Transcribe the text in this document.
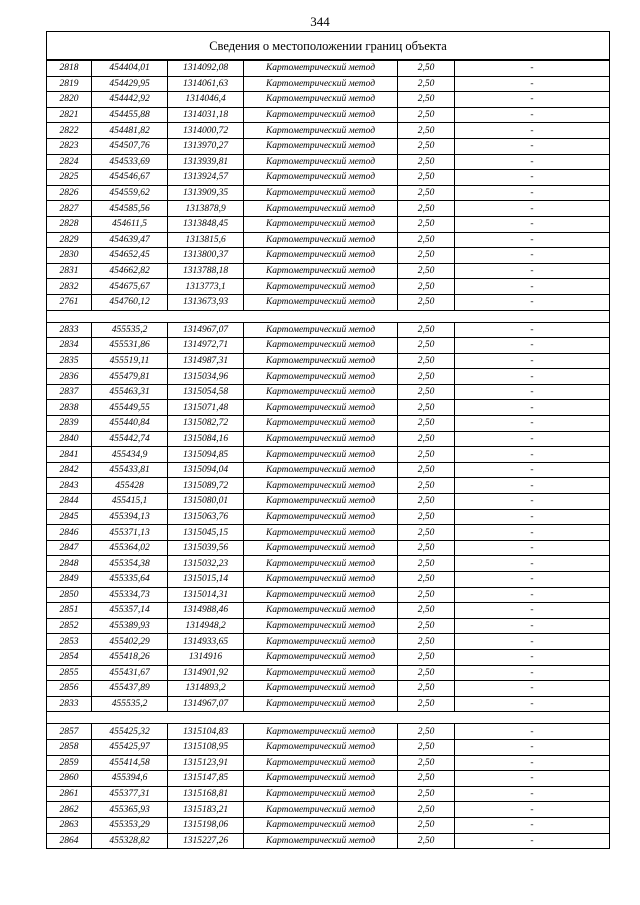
344
Сведения о местоположении границ объекта					
2818	454404,01	1314092,08	Картометрический метод	2,50	-
2819	454429,95	1314061,63	Картометрический метод	2,50	-
2820	454442,92	1314046,4	Картометрический метод	2,50	-
2821	454455,88	1314031,18	Картометрический метод	2,50	-
2822	454481,82	1314000,72	Картометрический метод	2,50	-
2823	454507,76	1313970,27	Картометрический метод	2,50	-
2824	454533,69	1313939,81	Картометрический метод	2,50	-
2825	454546,67	1313924,57	Картометрический метод	2,50	-
2826	454559,62	1313909,35	Картометрический метод	2,50	-
2827	454585,56	1313878,9	Картометрический метод	2,50	-
2828	454611,5	1313848,45	Картометрический метод	2,50	-
2829	454639,47	1313815,6	Картометрический метод	2,50	-
2830	454652,45	1313800,37	Картометрический метод	2,50	-
2831	454662,82	1313788,18	Картометрический метод	2,50	-
2832	454675,67	1313773,1	Картометрический метод	2,50	-
2761	454760,12	1313673,93	Картометрический метод	2,50	-

2833	455535,2	1314967,07	Картометрический метод	2,50	-
2834	455531,86	1314972,71	Картометрический метод	2,50	-
2835	455519,11	1314987,31	Картометрический метод	2,50	-
2836	455479,81	1315034,96	Картометрический метод	2,50	-
2837	455463,31	1315054,58	Картометрический метод	2,50	-
2838	455449,55	1315071,48	Картометрический метод	2,50	-
2839	455440,84	1315082,72	Картометрический метод	2,50	-
2840	455442,74	1315084,16	Картометрический метод	2,50	-
2841	455434,9	1315094,85	Картометрический метод	2,50	-
2842	455433,81	1315094,04	Картометрический метод	2,50	-
2843	455428	1315089,72	Картометрический метод	2,50	-
2844	455415,1	1315080,01	Картометрический метод	2,50	-
2845	455394,13	1315063,76	Картометрический метод	2,50	-
2846	455371,13	1315045,15	Картометрический метод	2,50	-
2847	455364,02	1315039,56	Картометрический метод	2,50	-
2848	455354,38	1315032,23	Картометрический метод	2,50	-
2849	455335,64	1315015,14	Картометрический метод	2,50	-
2850	455334,73	1315014,31	Картометрический метод	2,50	-
2851	455357,14	1314988,46	Картометрический метод	2,50	-
2852	455389,93	1314948,2	Картометрический метод	2,50	-
2853	455402,29	1314933,65	Картометрический метод	2,50	-
2854	455418,26	1314916	Картометрический метод	2,50	-
2855	455431,67	1314901,92	Картометрический метод	2,50	-
2856	455437,89	1314893,2	Картометрический метод	2,50	-
2833	455535,2	1314967,07	Картометрический метод	2,50	-

2857	455425,32	1315104,83	Картометрический метод	2,50	-
2858	455425,97	1315108,95	Картометрический метод	2,50	-
2859	455414,58	1315123,91	Картометрический метод	2,50	-
2860	455394,6	1315147,85	Картометрический метод	2,50	-
2861	455377,31	1315168,81	Картометрический метод	2,50	-
2862	455365,93	1315183,21	Картометрический метод	2,50	-
2863	455353,29	1315198,06	Картометрический метод	2,50	-
2864	455328,82	1315227,26	Картометрический метод	2,50	-
